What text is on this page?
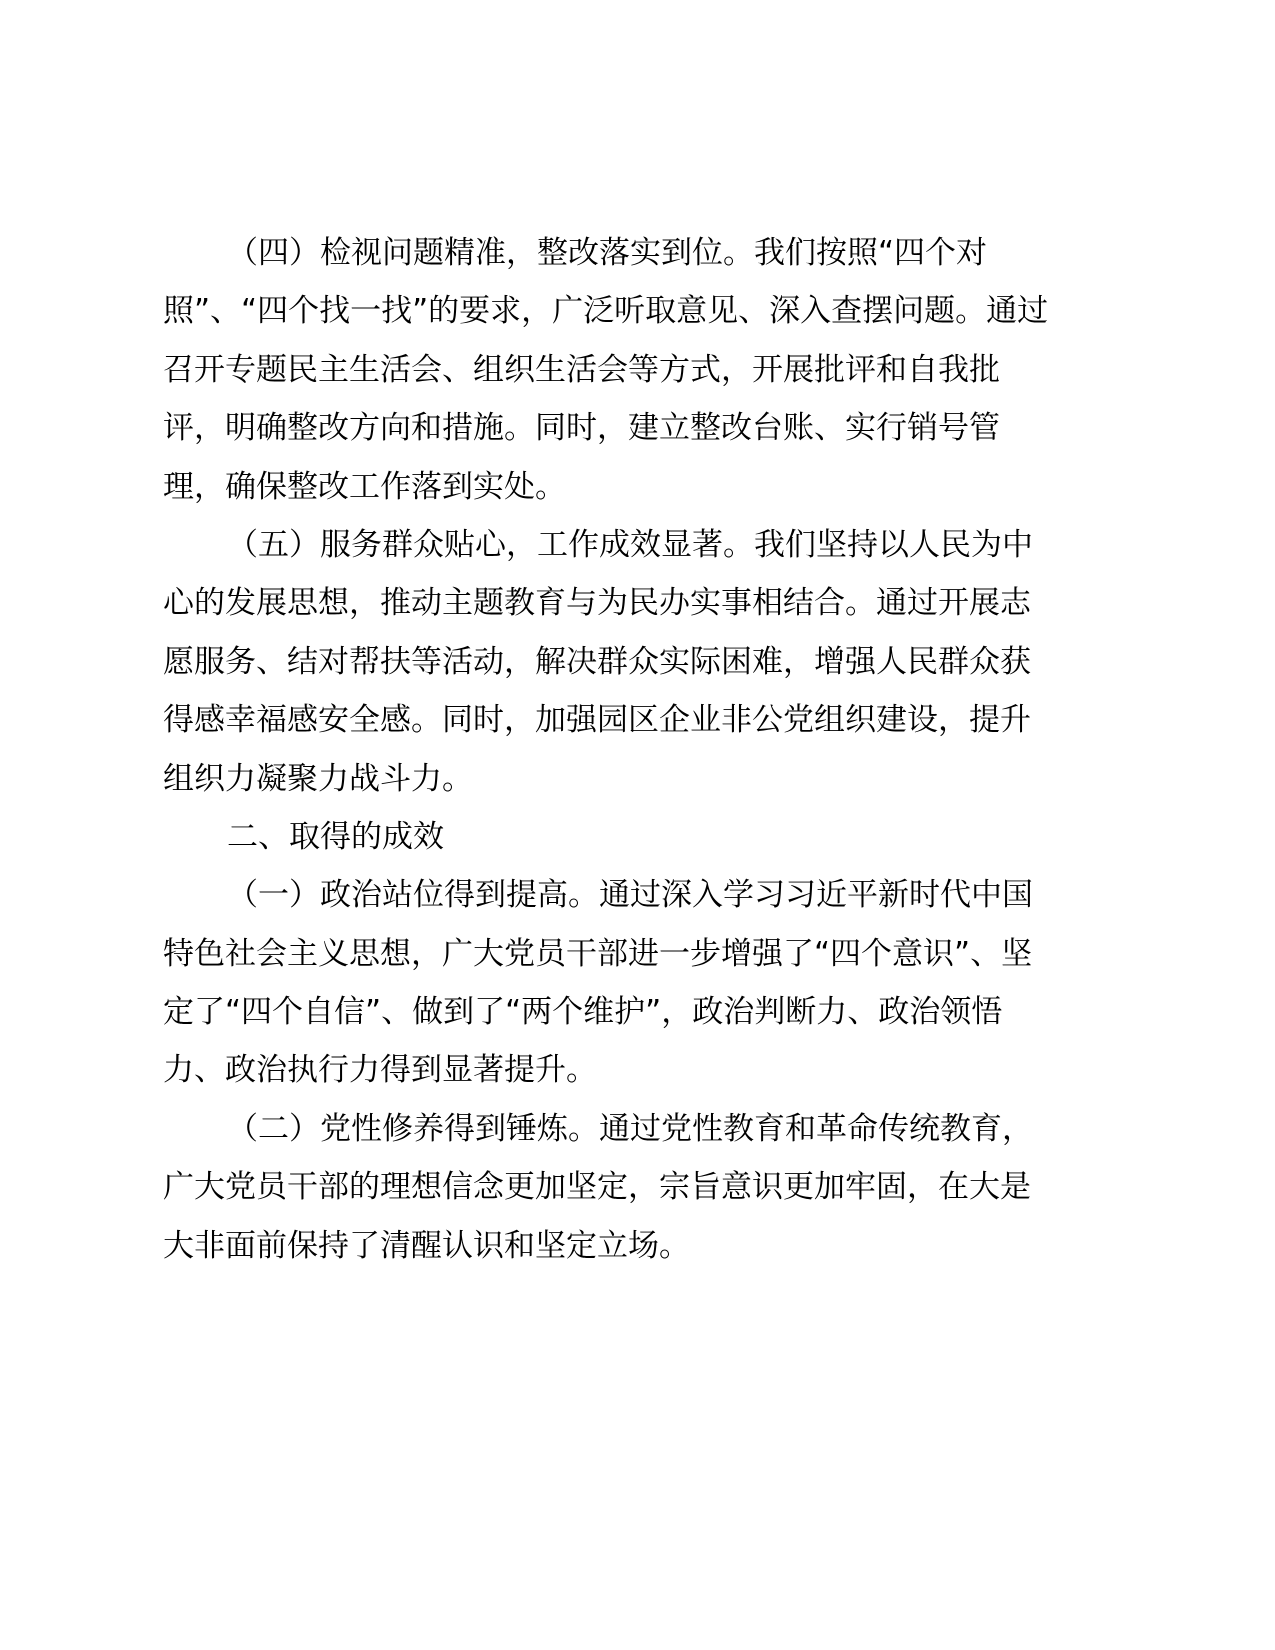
（四）检视问题精准，整改落实到位。我们按照“四个对
照”、“四个找一找”的要求，广泛听取意见、深入查摆问题。通过
召开专题民主生活会、组织生活会等方式，开展批评和自我批
评，明确整改方向和措施。同时，建立整改台账、实行销号管
理，确保整改工作落到实处。
（五）服务群众贴心，工作成效显著。我们坚持以人民为中
心的发展思想，推动主题教育与为民办实事相结合。通过开展志
愿服务、结对帮扶等活动，解决群众实际困难，增强人民群众获
得感幸福感安全感。同时，加强园区企业非公党组织建设，提升
组织力凝聚力战斗力。
二、取得的成效
（一）政治站位得到提高。通过深入学习习近平新时代中国
特色社会主义思想，广大党员干部进一步增强了“四个意识”、坚
定了“四个自信”、做到了“两个维护”，政治判断力、政治领悟
力、政治执行力得到显著提升。
（二）党性修养得到锤炼。通过党性教育和革命传统教育，
广大党员干部的理想信念更加坚定，宗旨意识更加牢固，在大是
大非面前保持了清醒认识和坚定立场。
